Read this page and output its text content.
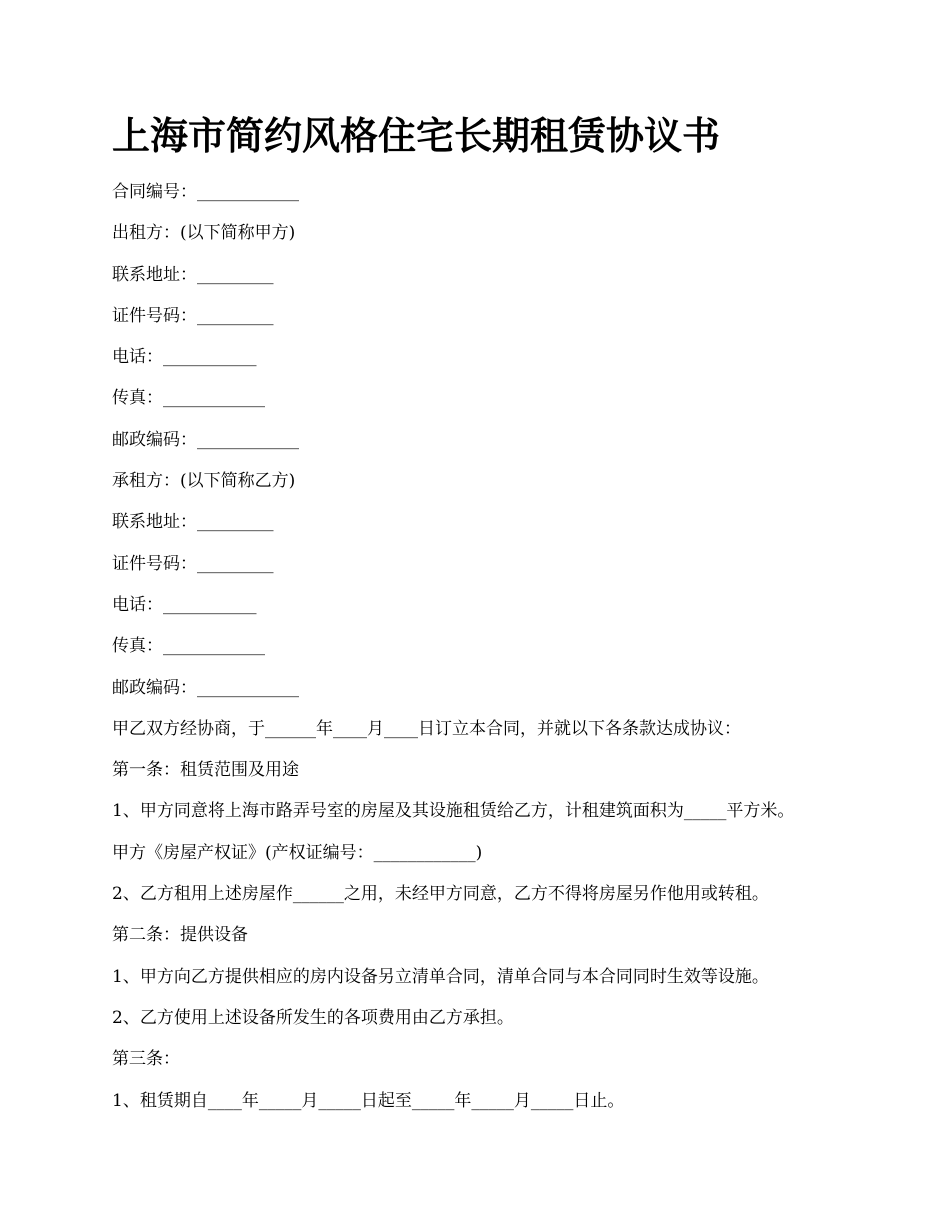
上海市简约风格住宅长期租赁协议书
合同编号：____________
出租方：(以下简称甲方)
联系地址：_________
证件号码：_________
电话：___________
传真：____________
邮政编码：____________
承租方：(以下简称乙方)
联系地址：_________
证件号码：_________
电话：___________
传真：____________
邮政编码：____________
甲乙双方经协商，于______年____月____日订立本合同，并就以下各条款达成协议：
第一条：租赁范围及用途
1、甲方同意将上海市路弄号室的房屋及其设施租赁给乙方，计租建筑面积为_____平方米。
甲方《房屋产权证》(产权证编号：____________)
2、乙方租用上述房屋作______之用，未经甲方同意，乙方不得将房屋另作他用或转租。
第二条：提供设备
1、甲方向乙方提供相应的房内设备另立清单合同，清单合同与本合同同时生效等设施。
2、乙方使用上述设备所发生的各项费用由乙方承担。
第三条：
1、租赁期自____年_____月_____日起至_____年_____月_____日止。
